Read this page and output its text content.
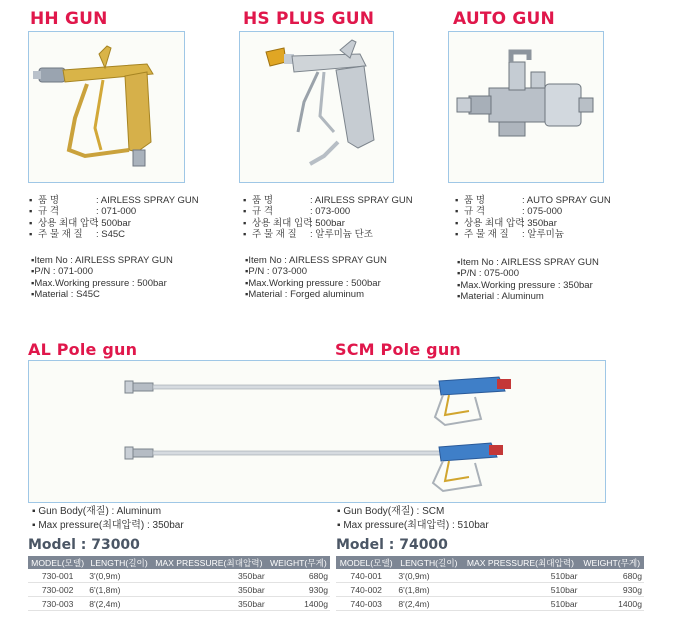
HH GUN	HS PLUS GUN	AUTO GUN
▪ 품 명	: AIRLESS SPRAY GUN
▪ 규 격	: 071-000
▪ 상용 최대 압력
: 500bar
▪ 주 물 재 질	: S45C
▪ 품 명	: AIRLESS SPRAY GUN
▪ 규 격	: 073-000
▪ 상용 최대 입력
: 500bar
▪ 주 물 재 질	: 알루미늄 단조
▪ 품 명	: AUTO SPRAY GUN
▪ 규 격	: 075-000
▪ 상용 최대 압력
: 350bar
▪ 주 물 재 질	: 알루미늄
▪Item No : AIRLESS SPRAY GUN
▪P/N : 071-000
▪Max.Working pressure : 500bar
▪Material : S45C
▪Item No : AIRLESS SPRAY GUN
▪P/N : 073-000
▪Max.Working pressure : 500bar
▪Material : Forged aluminum
▪Item No : AIRLESS SPRAY GUN
▪P/N : 075-000
▪Max.Working pressure : 350bar
▪Material : Aluminum
AL Pole gun	SCM Pole gun
▪ Gun Body(재질) : Aluminum
▪ Max pressure(최대압력) : 350bar
▪ Gun Body(재질) : SCM
▪ Max pressure(최대압력) : 510bar
Model : 73000	Model : 74000
MODEL(모델)	LENGTH(길이)	MAX PRESSURE(최대압력)	WEIGHT(무게)
730-001	3'(0,9m)	350bar	680g
730-002	6'(1,8m)	350bar	930g
730-003	8'(2,4m)	350bar	1400g
MODEL(모델)	LENGTH(길이)	MAX PRESSURE(최대압력)	WEIGHT(무게)
740-001	3'(0,9m)	510bar	680g
740-002	6'(1,8m)	510bar	930g
740-003	8'(2,4m)	510bar	1400g
